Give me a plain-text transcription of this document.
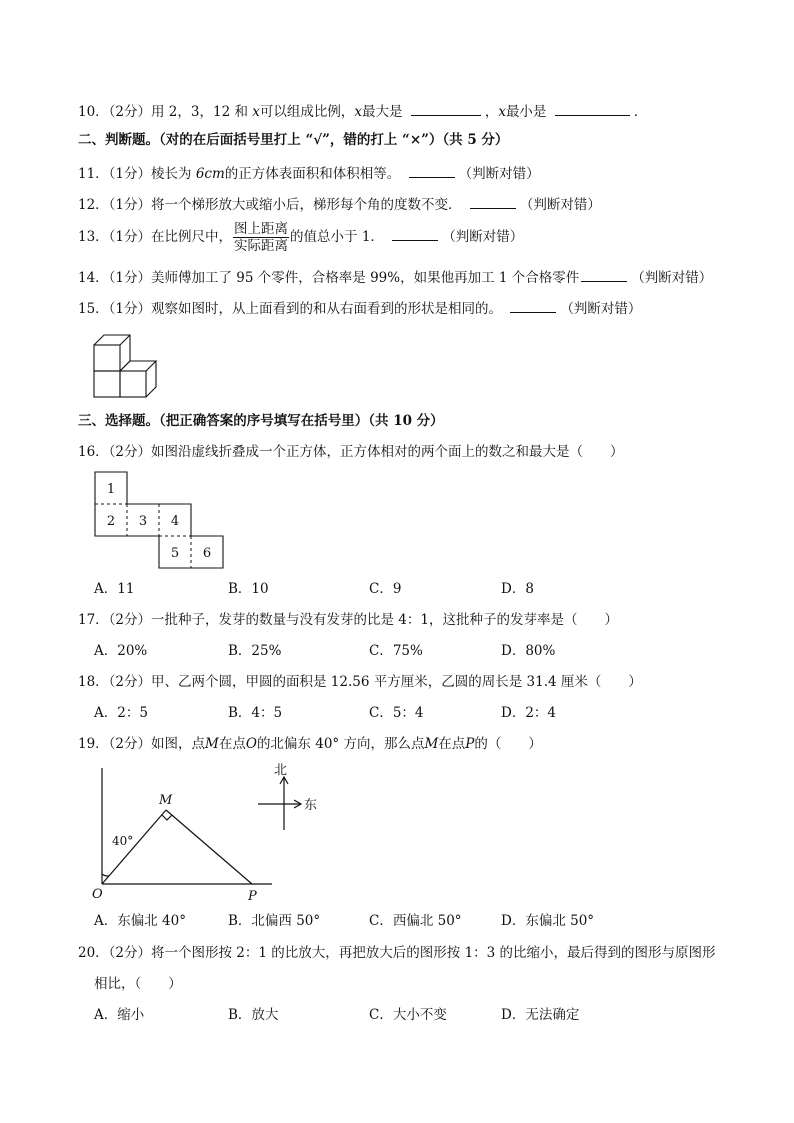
10．（2分）用 2，3，12 和 x可以组成比例，x最大是	，x最小是	．
二、判断题。（对的在后面括号里打上 “√”，错的打上 “×”）（共 5 分）
11．（1分）棱长为 6cm的正方体表面积和体积相等。	（判断对错）
12．（1分）将一个梯形放大或缩小后，梯形每个角的度数不变．	（判断对错）
13．（1分）在比例尺中， $\frac{\text{图上距离}}{\text{实际距离}}$ 的值总小于 1．	（判断对错）
14．（1分）美师傅加工了 95 个零件，合格率是 99%，如果他再加工 1 个合格零件	（判断对错）
15．（1分）观察如图时，从上面看到的和从右面看到的形状是相同的。	（判断对错）
三、选择题。（把正确答案的序号填写在括号里）（共 10 分）
16．（2分）如图沿虚线折叠成一个正方体，正方体相对的两个面上的数之和最大是（　　）
1
2 3 4
5 6
A．11	B．10	C．9	D．8
17．（2分）一批种子，发芽的数量与没有发芽的比是 4：1，这批种子的发芽率是（　　）
A．20%	B．25%	C．75%	D．80%
18．（2分）甲、乙两个圆，甲圆的面积是 12.56 平方厘米，乙圆的周长是 31.4 厘米（　　）
A．2：5	B．4：5	C．5：4	D．2：4
19．（2分）如图，点M在点O的北偏东 40° 方向，那么点M在点P的（　　）
北
东
M
40°
O	P
A．东偏北 40°	B．北偏西 50°	C．西偏北 50°	D．东偏北 50°
20．（2分）将一个图形按 2：1 的比放大，再把放大后的图形按 1：3 的比缩小，最后得到的图形与原图形
相比，（　　）
A．缩小	B．放大	C．大小不变	D．无法确定
